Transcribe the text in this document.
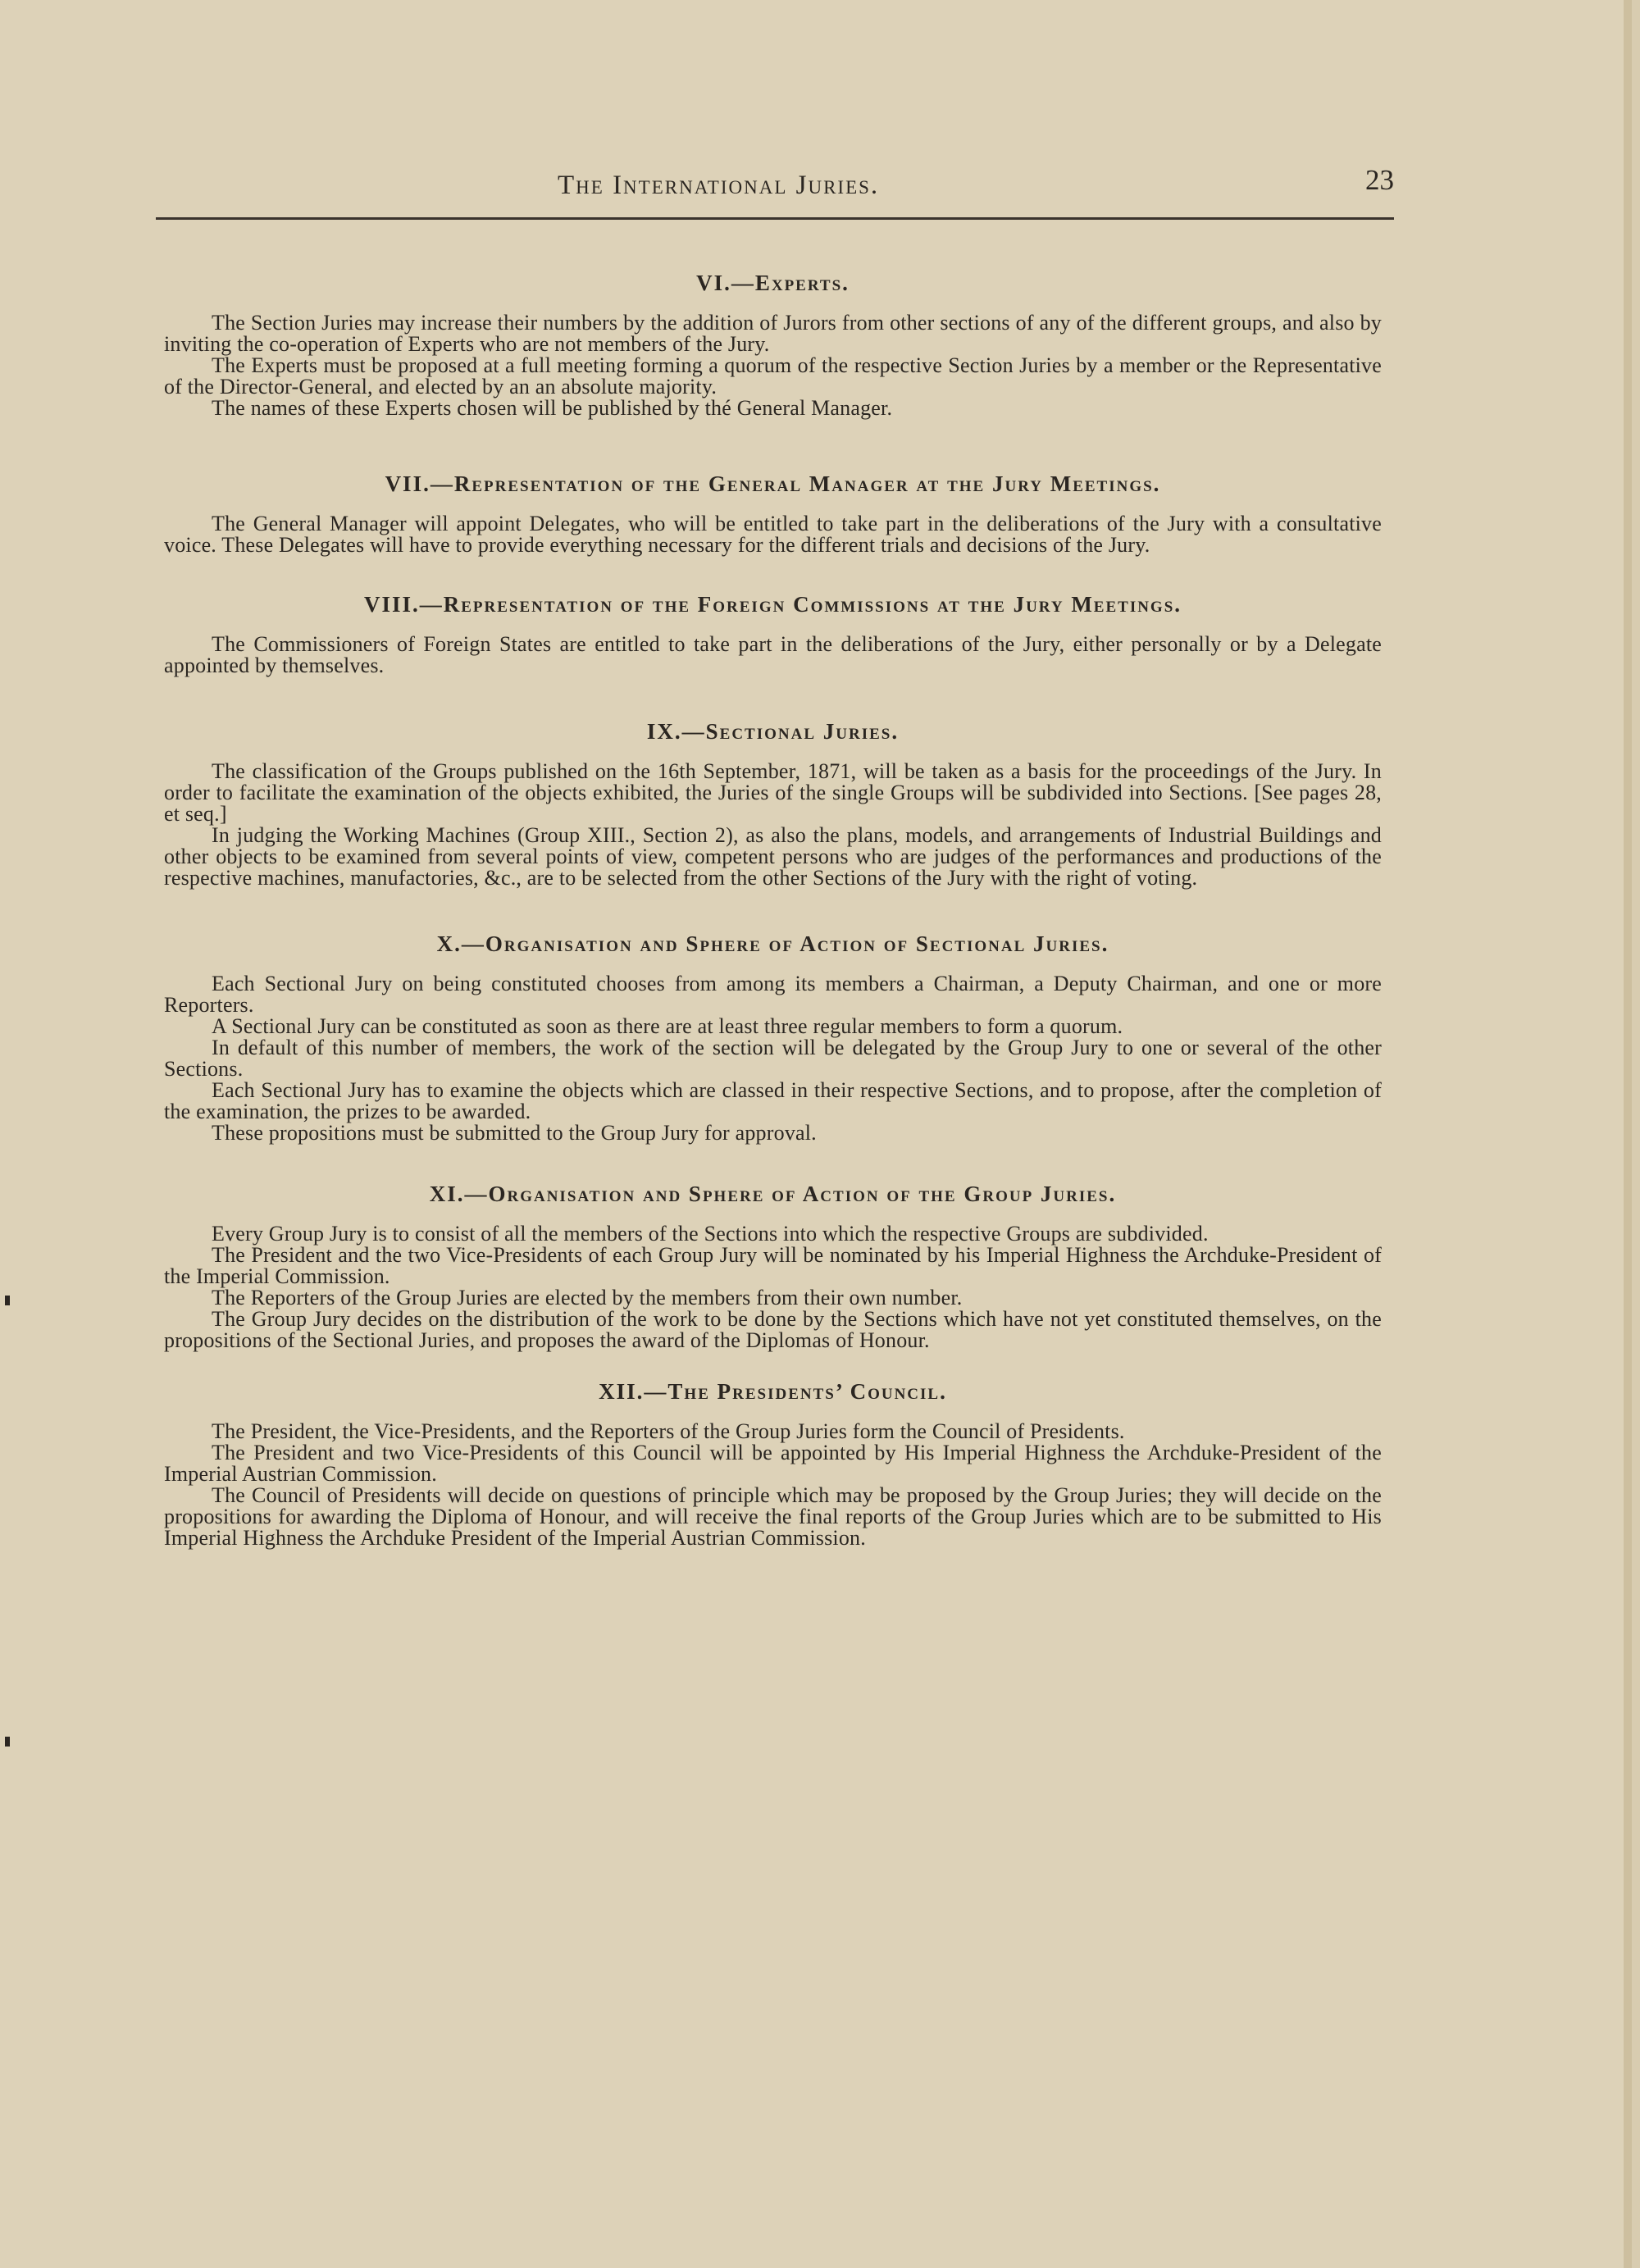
The International Juries.	23
VI.—Experts.

The Section Juries may increase their numbers by the addition of Jurors from other sections of any of the different groups, and also by inviting the co-operation of Experts who are not members of the Jury.

The Experts must be proposed at a full meeting forming a quorum of the respective Section Juries by a member or the Representative of the Director-General, and elected by an an absolute majority.

The names of these Experts chosen will be published by thé General Manager.

VII.—Representation of the General Manager at the Jury Meetings.

The General Manager will appoint Delegates, who will be entitled to take part in the deliberations of the Jury with a consultative voice. These Delegates will have to provide everything necessary for the different trials and decisions of the Jury.

VIII.—Representation of the Foreign Commissions at the Jury Meetings.

The Commissioners of Foreign States are entitled to take part in the deliberations of the Jury, either personally or by a Delegate appointed by themselves.

IX.—Sectional Juries.

The classification of the Groups published on the 16th September, 1871, will be taken as a basis for the proceedings of the Jury. In order to facilitate the examination of the objects exhibited, the Juries of the single Groups will be subdivided into Sections. [See pages 28, et seq.]

In judging the Working Machines (Group XIII., Section 2), as also the plans, models, and arrangements of Industrial Buildings and other objects to be examined from several points of view, competent persons who are judges of the performances and productions of the respective machines, manufactories, &c., are to be selected from the other Sections of the Jury with the right of voting.

X.—Organisation and Sphere of Action of Sectional Juries.

Each Sectional Jury on being constituted chooses from among its members a Chairman, a Deputy Chairman, and one or more Reporters.

A Sectional Jury can be constituted as soon as there are at least three regular members to form a quorum.

In default of this number of members, the work of the section will be delegated by the Group Jury to one or several of the other Sections.

Each Sectional Jury has to examine the objects which are classed in their respective Sections, and to propose, after the completion of the examination, the prizes to be awarded.

These propositions must be submitted to the Group Jury for approval.

XI.—Organisation and Sphere of Action of the Group Juries.

Every Group Jury is to consist of all the members of the Sections into which the respective Groups are subdivided.

The President and the two Vice-Presidents of each Group Jury will be nominated by his Imperial Highness the Archduke-President of the Imperial Commission.

The Reporters of the Group Juries are elected by the members from their own number.

The Group Jury decides on the distribution of the work to be done by the Sections which have not yet constituted themselves, on the propositions of the Sectional Juries, and proposes the award of the Diplomas of Honour.

XII.—The Presidents’ Council.

The President, the Vice-Presidents, and the Reporters of the Group Juries form the Council of Presidents.

The President and two Vice-Presidents of this Council will be appointed by His Imperial Highness the Archduke-President of the Imperial Austrian Commission.

The Council of Presidents will decide on questions of principle which may be proposed by the Group Juries; they will decide on the propositions for awarding the Diploma of Honour, and will receive the final reports of the Group Juries which are to be submitted to His Imperial Highness the Archduke President of the Imperial Austrian Commission.
